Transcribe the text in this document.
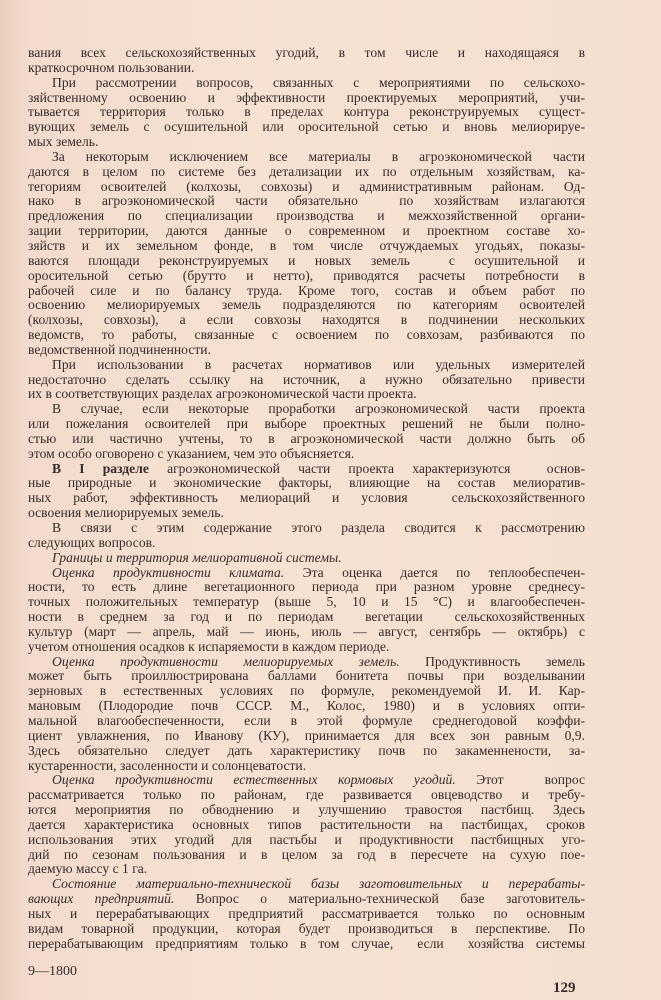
вания всех сельскохозяйственных угодий, в том числе и находящаяся в
краткосрочном пользовании.
При рассмотрении вопросов, связанных с мероприятиями по сельскохо-
зяйственному освоению и эффективности проектируемых мероприятий, учи-
тывается территория только в пределах контура реконструируемых сущест-
вующих земель с осушительной или оросительной сетью и вновь мелиорируе-
мых земель.
За некоторым исключением все материалы в агроэкономической части
даются в целом по системе без детализации их по отдельным хозяйствам, ка-
тегориям освоителей (колхозы, совхозы) и административным районам. Од-
нако в агроэкономической части обязательно  по хозяйствам излагаются
предложения по специализации производства и межхозяйственной органи-
зации территории, даются данные о современном и проектном составе хо-
зяйств и их земельном фонде, в том числе отчуждаемых угодьях, показы-
ваются площади реконструируемых и новых земель  с осушительной и
оросительной сетью (брутто и нетто), приводятся расчеты потребности в
рабочей силе и по балансу труда. Кроме того, состав и объем работ по
освоению мелиорируемых земель подразделяются по категориям освоителей
(колхозы, совхозы), а если совхозы находятся в подчинении нескольких
ведомств, то работы, связанные с освоением по совхозам, разбиваются по
ведомственной подчиненности.
При использовании в расчетах нормативов или удельных измерителей
недостаточно сделать ссылку на источник, а нужно обязательно привести
их в соответствующих разделах агроэкономической части проекта.
В случае, если некоторые проработки агроэкономической части проекта
или пожелания освоителей при выборе проектных решений не были полно-
стью или частично учтены, то в агроэкономической части должно быть об
этом особо оговорено с указанием, чем это объясняется.
В I разделе агроэкономической части проекта характеризуются  основ-
ные природные и экономические факторы, влияющие на состав мелиоратив-
ных работ, эффективность мелиораций и условия  сельскохозяйственного
освоения мелиорируемых земель.
В связи с этим содержание этого раздела сводится к рассмотрению
следующих вопросов.
Границы и территория мелиоративной системы.
Оценка продуктивности климата. Эта оценка дается по теплообеспечен-
ности, то есть длине вегетационного периода при разном уровне среднесу-
точных положительных температур (выше 5, 10 и 15 °С) и влагообеспечен-
ности в среднем за год и по периодам  вегетации  сельскохозяйственных
культур (март — апрель, май — июнь, июль — август, сентябрь — октябрь) с
учетом отношения осадков к испаряемости в каждом периоде.
Оценка продуктивности мелиорируемых земель. Продуктивность земель
может быть проиллюстрирована баллами бонитета почвы при возделывании
зерновых в естественных условиях по формуле, рекомендуемой И. И. Кар-
мановым (Плодородие почв СССР. М., Колос, 1980) и в условиях опти-
мальной влагообеспеченности, если в этой формуле среднегодовой коэффи-
циент увлажнения, по Иванову (КУ), принимается для всех зон равным 0,9.
Здесь обязательно следует дать характеристику почв по закаменнености, за-
кустаренности, засоленности и солонцеватости.
Оценка продуктивности естественных кормовых угодий. Этот  вопрос
рассматривается только по районам, где развивается овцеводство и требу-
ются мероприятия по обводнению и улучшению травостоя пастбищ. Здесь
дается характеристика основных типов растительности на пастбищах, сроков
использования этих угодий для пастьбы и продуктивности пастбищных уго-
дий по сезонам пользования и в целом за год в пересчете на сухую пое-
даемую массу с 1 га.
Состояние материально-технической базы заготовительных и перерабаты-
вающих предприятий. Вопрос о материально-технической базе заготовитель-
ных и перерабатывающих предприятий рассматривается только по основным
видам товарной продукции, которая будет производиться в перспективе. По
перерабатывающим предприятиям только в том случае,  если  хозяйства системы
9—1800
129
